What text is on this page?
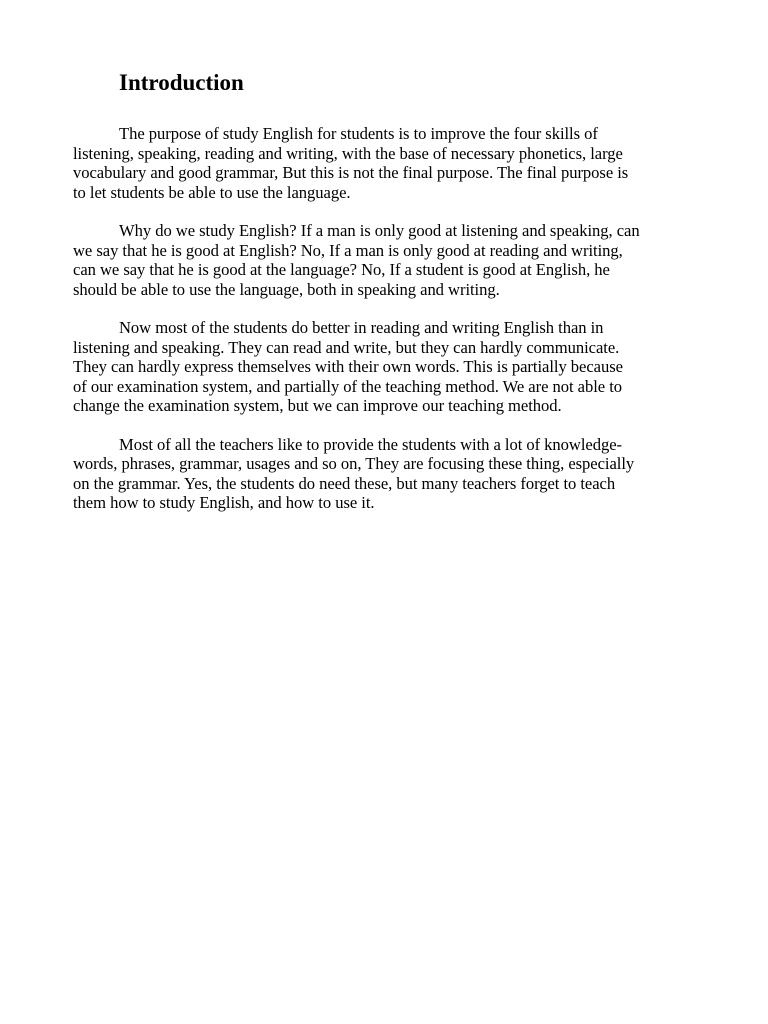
Introduction

The purpose of study English for students is to improve the four skills of
listening, speaking, reading and writing, with the base of necessary phonetics, large
vocabulary and good grammar, But this is not the final purpose. The final purpose is
to let students be able to use the language.

Why do we study English? If a man is only good at listening and speaking, can
we say that he is good at English? No, If a man is only good at reading and writing,
can we say that he is good at the language? No, If a student is good at English, he
should be able to use the language, both in speaking and writing.

Now most of the students do better in reading and writing English than in
listening and speaking. They can read and write, but they can hardly communicate.
They can hardly express themselves with their own words. This is partially because
of our examination system, and partially of the teaching method. We are not able to
change the examination system, but we can improve our teaching method.

Most of all the teachers like to provide the students with a lot of knowledge-
words, phrases, grammar, usages and so on, They are focusing these thing, especially
on the grammar. Yes, the students do need these, but many teachers forget to teach
them how to study English, and how to use it.
